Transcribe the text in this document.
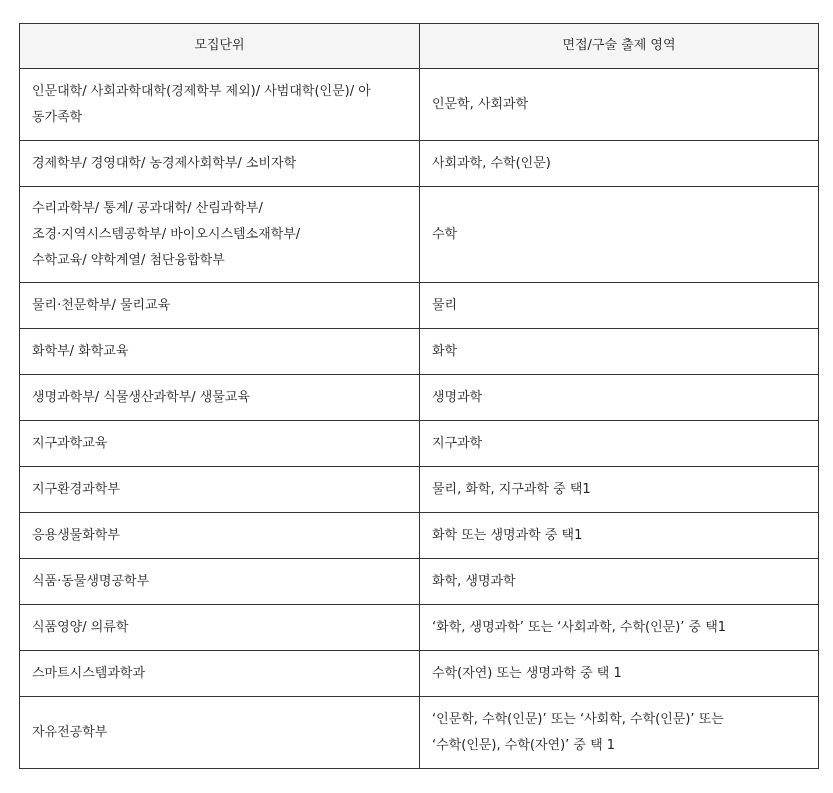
모집단위	면접/구술 출제 영역

인문대학/ 사회과학대학(경제학부 제외)/ 사범대학(인문)/ 아
동가족학	인문학, 사회과학

경제학부/ 경영대학/ 농경제사회학부/ 소비자학	사회과학, 수학(인문)

수리과학부/ 통계/ 공과대학/ 산림과학부/
조경·지역시스템공학부/ 바이오시스템소재학부/
수학교육/ 약학계열/ 첨단융합학부	수학

물리·천문학부/ 물리교육	물리

화학부/ 화학교육	화학

생명과학부/ 식물생산과학부/ 생물교육	생명과학

지구과학교육	지구과학

지구환경과학부	물리, 화학, 지구과학 중 택1

응용생물화학부	화학 또는 생명과학 중 택1

식품·동물생명공학부	화학, 생명과학

식품영양/ 의류학	‘화학, 생명과학’ 또는 ‘사회과학, 수학(인문)’ 중 택1

스마트시스템과학과	수학(자연) 또는 생명과학 중 택 1

자유전공학부	‘인문학, 수학(인문)’ 또는 ‘사회학, 수학(인문)’ 또는
‘수학(인문), 수학(자연)’ 중 택 1
